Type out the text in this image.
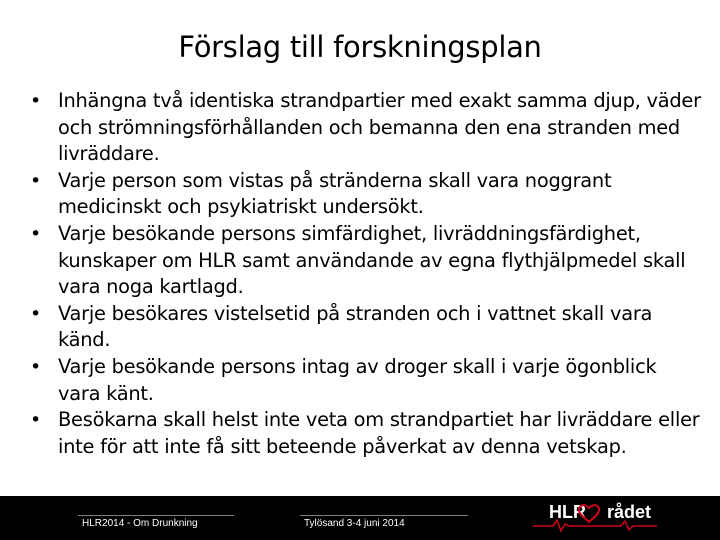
Förslag till forskningsplan
• Inhängna två identiska strandpartier med exakt samma djup, väder och strömningsförhållanden och bemanna den ena stranden med livräddare.
• Varje person som vistas på stränderna skall vara noggrant medicinskt och psykiatriskt undersökt.
• Varje besökande persons simfärdighet, livräddningsfärdighet, kunskaper om HLR samt användande av egna flythjälpmedel skall vara noga kartlagd.
• Varje besökares vistelsetid på stranden och i vattnet skall vara känd.
• Varje besökande persons intag av droger skall i varje ögonblick vara känt.
• Besökarna skall helst inte veta om strandpartiet har livräddare eller inte för att inte få sitt beteende påverkat av denna vetskap.
HLR2014 - Om Drunkning	Tylösand 3-4 juni 2014
HLR rådet
